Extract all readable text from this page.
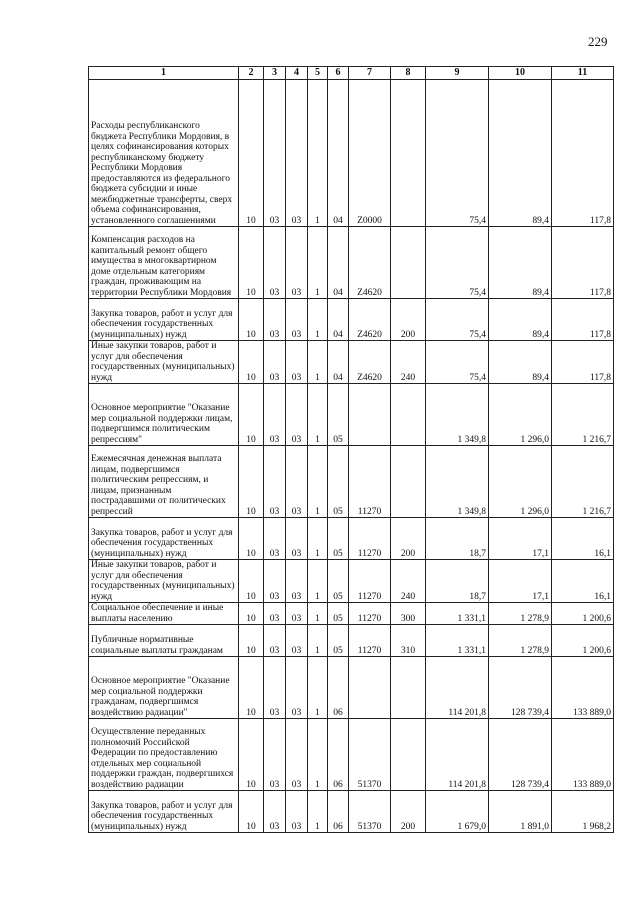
229
1	2	3	4	5	6	7	8	9	10	11
Расходы республиканского бюджета Республики Мордовия, в целях софинансирования которых республиканскому бюджету Республики Мордовия предоставляются из федерального бюджета субсидии и иные межбюджетные трансферты, сверх объема софинансирования, установленного соглашениями	10	03	03	1	04	Z0000		75,4	89,4	117,8
Компенсация расходов на капитальный ремонт общего имущества в многоквартирном доме отдельным категориям граждан, проживающим на территории Республики Мордовия	10	03	03	1	04	Z4620		75,4	89,4	117,8
Закупка товаров, работ и услуг для обеспечения государственных (муниципальных) нужд	10	03	03	1	04	Z4620	200	75,4	89,4	117,8
Иные закупки товаров, работ и услуг для обеспечения государственных (муниципальных) нужд	10	03	03	1	04	Z4620	240	75,4	89,4	117,8
Основное мероприятие "Оказание мер социальной поддержки лицам, подвергшимся политическим репрессиям"	10	03	03	1	05			1 349,8	1 296,0	1 216,7
Ежемесячная денежная выплата лицам, подвергшимся политическим репрессиям, и лицам, признанным пострадавшими от политических репрессий	10	03	03	1	05	11270		1 349,8	1 296,0	1 216,7
Закупка товаров, работ и услуг для обеспечения государственных (муниципальных) нужд	10	03	03	1	05	11270	200	18,7	17,1	16,1
Иные закупки товаров, работ и услуг для обеспечения государственных (муниципальных) нужд	10	03	03	1	05	11270	240	18,7	17,1	16,1
Социальное обеспечение и иные выплаты населению	10	03	03	1	05	11270	300	1 331,1	1 278,9	1 200,6
Публичные нормативные социальные выплаты гражданам	10	03	03	1	05	11270	310	1 331,1	1 278,9	1 200,6
Основное мероприятие "Оказание мер социальной поддержки гражданам, подвергшимся воздействию радиации"	10	03	03	1	06			114 201,8	128 739,4	133 889,0
Осуществление переданных полномочий Российской Федерации по предоставлению отдельных мер социальной поддержки граждан, подвергшихся воздействию радиации	10	03	03	1	06	51370		114 201,8	128 739,4	133 889,0
Закупка товаров, работ и услуг для обеспечения государственных (муниципальных) нужд	10	03	03	1	06	51370	200	1 679,0	1 891,0	1 968,2
